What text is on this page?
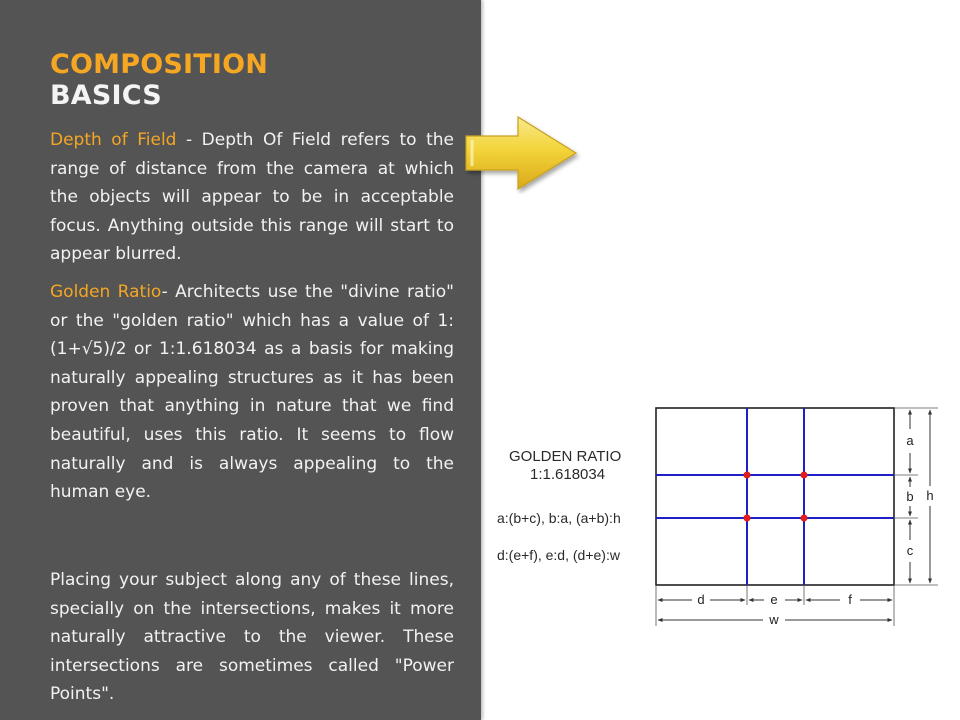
COMPOSITION
BASICS

Depth of Field - Depth Of Field refers to the range of distance from the camera at which the objects will appear to be in acceptable focus. Anything outside this range will start to appear blurred.

Golden Ratio- Architects use the "divine ratio" or the "golden ratio" which has a value of 1:(1+√5)/2 or 1:1.618034 as a basis for making naturally appealing structures as it has been proven that anything in nature that we find beautiful, uses this ratio. It seems to flow naturally and is always appealing to the human eye.

Placing your subject along any of these lines, specially on the intersections, makes it more naturally attractive to the viewer. These intersections are sometimes called "Power Points".

GOLDEN RATIO
1:1.618034
a:(b+c), b:a, (a+b):h
d:(e+f), e:d, (d+e):w
a
b
c
h
d	e	f
w
